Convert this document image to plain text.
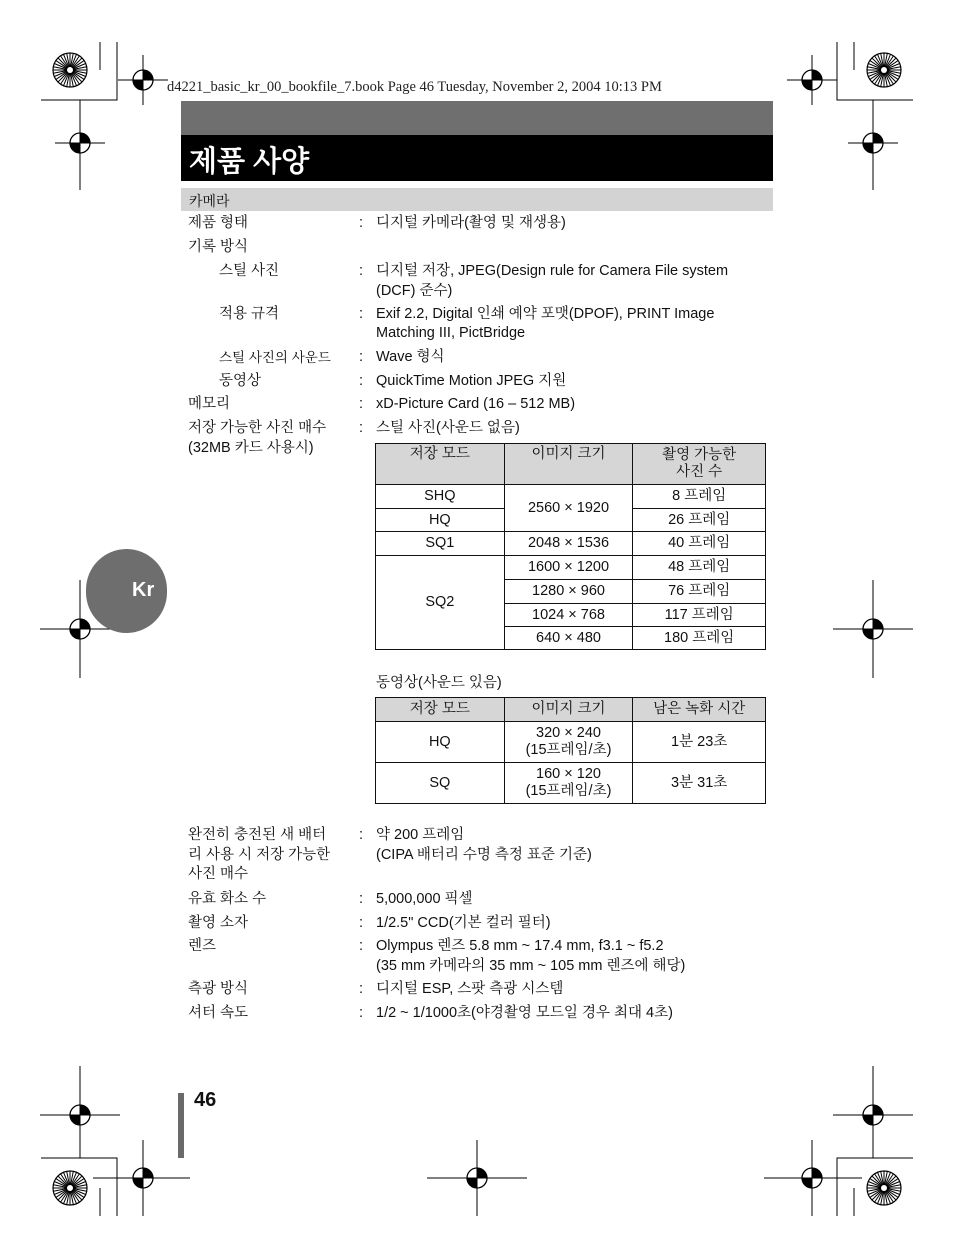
d4221_basic_kr_00_bookfile_7.book Page 46 Tuesday, November 2, 2004 10:13 PM
제품 사양
카메라
제품 형태	: 디지털 카메라(촬영 및 재생용)
기록 방식
스틸 사진	: 디지털 저장, JPEG(Design rule for Camera File system
(DCF) 준수)
적용 규격	: Exif 2.2, Digital 인쇄 예약 포맷(DPOF), PRINT Image
Matching III, PictBridge
스틸 사진의 사운드 : Wave 형식
동영상	: QuickTime Motion JPEG 지원
메모리	: xD-Picture Card (16 – 512 MB)
저장 가능한 사진 매수
(32MB 카드 사용시)
: 스틸 사진(사운드 없음)
저장 모드	이미지 크기	촬영 가능한
사진 수

SHQ	2560 × 1920	8 프레임
HQ		26 프레임
SQ1	2048 × 1536	40 프레임
SQ2	1600 × 1200	48 프레임
	1280 × 960	76 프레임
	1024 × 768	117 프레임
	640 × 480	180 프레임
동영상(사운드 있음)
저장 모드	이미지 크기	남은 녹화 시간
HQ	320 × 240
(15프레임/초)	1분 23초
SQ	160 × 120
(15프레임/초)	3분 31초
완전히 충전된 새 배터
리 사용 시 저장 가능한
사진 매수
: 약 200 프레임
(CIPA 배터리 수명 측정 표준 기준)
유효 화소 수	: 5,000,000 픽셀
촬영 소자	: 1/2.5" CCD(기본 컬러 필터)
렌즈	: Olympus 렌즈 5.8 mm ~ 17.4 mm, f3.1 ~ f5.2
(35 mm 카메라의 35 mm ~ 105 mm 렌즈에 해당)
측광 방식	: 디지털 ESP, 스팟 측광 시스템
셔터 속도	: 1/2 ~ 1/1000초(야경촬영 모드일 경우 최대 4초)
Kr
46
